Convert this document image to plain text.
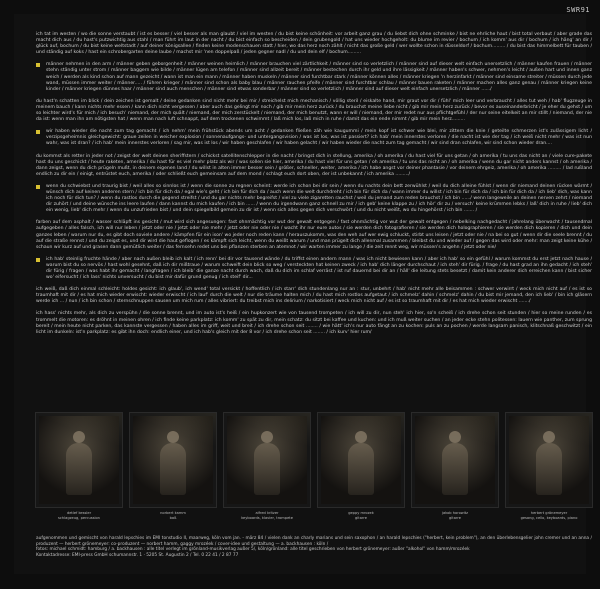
SWR91

ich tat im westen / wo die sonne verstaubt / ist es besser / viel besser als man glaubt / viel im westen / du bist keine schönheit: vor arbeit ganz grau / du liebst dich ohne schminke / bist ne ehrliche haut / bist total verbaut / aber grade das macht dich aus / du hast's putzwichtig aus stahl / man führt im laut in der nacht / du bist einfach so bescheiden / dein grubengold / hat uns wieder hochgeholt: du blume im revier / bochum / ich komm' aus dir / bochum / ich häng' an dir / glück auf, bochum / du bist keine weltstadt / auf deiner königsallee / finden keine modenschauen statt / hier, wo das herz noch zählt / nicht das große geld / wer wollte schon in düsseldorf / bochum......... / du bist das himmelbett für tauben / und ständig auf koks / hast ein schrobergarten deine laube / machst mir 'nen doppelpaß / jeden gegner nadl / du und dein elf / bochum.........

männer nehmen in den arm / männer geben geborgenheit / männer weinen heimlich / männer brauchen viel zärtlichkeit / männer sind so verletzlich / männer sind auf dieser welt einfach unersetzlich / männer kaufen frauen / männer stehn ständig unter strom / männer baggern wie bilde / männer lügen am telefon / männer sind allzeit bereit / männer bestechen durch ihr geld und ihre lässigkeit / männer haben's schwer, nehmen's leicht / außen hart und innen ganz weich / werden als kind schon auf mann gezeicht / wann ist man ein mann / männer haben muskeln / männer sind furchtbar stark / männer können alles / männer kriegen 'n herzinfarkt / männer sind einsame streiter / müssen durch jede wand, müssen immer weiter / männer..... / führen krieger / männer sind schon als baby blau / männer rauchen pfeife / männer sind furchtbar schlau / männer bauen raketen / männer machen alles ganz genau / männer kriegen keine kinder / männer kriegen dünnes haar / männer sind auch menschen / männer sind etwas sonderbar / männer sind so verletzlich / männer sind auf dieser welt einfach unersetzlich / männer ....../

du hast'n schatten im blick / dein zeichen ist gemalt / deine gedanken sind nicht mehr bei mir / streichelst mich mechanisch / völlig steril / eiskalte hand, mir graut vor dir / fühl' mich leer und verbraucht / alles tut weh / hab' flugzeuge in meinem bauch / kann nichts mehr essen / kann dich nicht vergessen / aber auch das gelingt mir noch / gib mir mein herz zurück / du brauchst meine liebe nicht / gib mir mein herz zurück / bevor es auseinanderbricht / je eher du gehst / um so leichter wird's für mich / ich besuch' niemand, der mich quält / niemand, der mich zerstückelt / niemand, der mich benutzt, wann er will / niemand, der mir redet nur aus pflichtgefühl / der nur seine eitelkeit an mir stillt / niemand, der nie da ist: wenn man ihn am nötigsten hat / wenn man nach luft schnappt, auf dem trockenen schwimmt / laß mich los, laß mich in ruhe / damit das ein ende nimmt / gib mir mein herz.........

wir haben wieder die nacht zum tag gemacht / ich nehm' mein frühstück abends um acht / gedanken fließen zäh wie kaugummi / mein kopf ist schwer wie blei, mir zittern die knie / geteilte schmerzen ist's zulässigem licht / verzipsgeheimnis gleichgewicht: graue zeilen in weicher explosion / sonnenaufgangs- und untergangsvision / was ist los, was ist passiert? ich hab' mein innerstes verloren / die nacht ist wie der tag / ich weiß nicht mehr / was ist nun wahr, was ist dran? / ich hab' mein innerstes verloren / sag mir, was ist los / wir haben geschlafen / wir haben gelacht / wir haben wieder die nacht zum tag gemacht / wir sind dran schlafen, wir sind schon wieder dran....

du kommst als retter in jeder not / zeigst der welt deinen sheriffstern / schickst satellitenschlepper in die nacht / bringst dich in stellung, amerika / oh amerika / du hast viel für uns getan / oh amerika / tu uns das nicht an / viele cure-pakete hast du uns geschickt / heute raketen, amerika / du hast für es viel mehr platz als wir / was sollen sie hier, amerika / du hast viel für uns getan / oh amerika / tu uns das nicht an / oh amerika / wenn du gar nicht anders kannst / oh amerika / dann zeigst, wenn du dich prügeln mußt, in deinem eigenen land / du willst in alten immer besser sein / größer, schneller, weiter, amerika / ich habe angst vor deiner phantasie / vor deinem ehrgeiz, amerika / oh amerika ......... / lad rußland endlich zu dir ein / einigt, entrüstet euch, amerika / oder schließt euch gemeinsam auf dem mond / schlagt euch dort oben, der ist unbekannt / ich amerika ........./

wenn du schwiebst und traurig bist / weil alles so sinnlos ist / wenn die sonne zu regnen scheint: werde ich schon bei dir sein / wenn du nachts dein bett zerwühlst / weil du dich alleine fühlst / wenn dir niemand deinen rücken wärmt / wünsch dich auf keinen anderen stern / ich bin für dich da / egal wie's geht / ich bin für dich da / auch wenn die welt durchdreht / ich bin für dich da / wann immer du willst / ich bin für dich da / ich bin für dich da / ich lieb' dich, was kann ich noch für dich tun? / wenn du rastlos durch die gegend streifst / und du gar nichts mehr begreifst / viel zu viele zigaretten rauchst / weil du jemand zum reden brauchst / ich bin ....../ wenn langeweile an deinen nerven zehrt / niemand dir zuhört / und deine wünsche ins leere laufen / dann kannst du mich kaufen / ich bin ...... / wenn du irgendwann ganz schnell zu mir / ich geb' keine klappe zu / ich hör' dir zu / versuch' keine krümmen lebks / laß' dich in ruhe / lieb' dich ein wenig, lieb' dich mehr / wenn du unzufrieden bist / und dein spiegelbild gemein zu dir ist / wenn sich alles gegen dich verschwört / und du nicht weißt, wo du hingehörst / ich bin ....... /

farben auf dem asphalt / wasser schläpft ins gesicht / mut wird sich angesungen: fast ohnmächtig vor wut der gewalt entgegen / fast ohnmächtig vor wut der gewalt entgegen / nebelking nachgedacht / jahrelang überwacht / tausendmal aufgegeben / alles falsch, ich will nur leben / jetzt oder nie / jetzt oder nie mehr / jetzt oder nie oder nie / wacht ihr nur eure autos / sie werden dich fotografieren / sie werden dich holographieren / sie werden dich kopieren / dich und dein ganzes leben / warum nur du, es gibt doch soviele andere / kämpfen für ein ison' wo jeder noch reden kann / herauszukomm, was den weh auf wer ewig schluckt, stirbt uns leisen / jetzt oder nie / na bei so gut / wenn dir die seele brennt / du auf die straße rennst / und du zeigst es, und dir wird die haut geflogen / es kämpft sich leicht, wenn du weißt warum / und man prügelt dich allenmal zusammen / bleibst du und wieder auf / gegen das wird oder mehr: man zeigt keine kühe / schaun wir kurz auf und grasen dann gemütlich weiter / das fernsehn redet uns bei pflanzen sterben an atemnot / wir warten immer zu lange / die zeit rennt weg, wir müssen's angehn / jetzt oder nie/

ich hab' steinlig fruchte hände / aber nach außen bleib ich kalt / ich renn' bei dir vor tausend wände / du triffst einen andern mann / was ich nicht bewiesen kann / aber ich hab' so ein gefühl / warum kommst du erst jetzt nach hause / warum bist du so nervös / hast wohl gesehnt, daß ich dir mißtraue / warum schweift dein blick so weg / versteckten hat keinen zweck / ich hab' dich länger durchschaut / ich steh' dir fürig. / frage / du hast grad an ihn gedacht / ich steh' dir fürig / fragen / was habt ihr gemacht / langfragen / ich bleib' die ganze nacht durch wach, daß du dich im schlaf verräst / ist ruf dauernd bei dir an / häll' die leitung stets besetzt / damit kein anderer dich erreichen kann / bist sicher wo' eifersucht / ich lass' nichts unversucht / du bist mir dafür grund genug / ich steif' dir...

ich weiß, daß dich einmal schleicht: holdes gesicht: ich glaub', ich wend' total versickt / hoffentlich / ich starr' dich stundenlang nur an : stur, unbehrt / hab' nicht mehr alle beisammen : schwer verwirrt / weck mich nicht auf / es ist so traumhaft mit dir / es hat mich wieder erwischt: wieder erwischt / ich lauf' durch die welt / nur die träume halten mich / du hast mich rostlos aufgetaut / ich schmelz' dahin / schmelz' dahin / du bist mir jemand, den ich lieb' / bin ich gläsern werde ich ... / nun / ich bin schon / sternschnuppen sausen um mich rum / alles vibriert: du treibst mich ins delirium / narkotisiert / weck mich nicht auf / es ist so traumhaft mit dir / es hat mich wieder erwischt ......./

ich hass' nichts mehr, als dich zu verspühn / die sonne brennt, und im auto ist's heiß / ein hupkonzert wie von tausend trompeten / ich will zu dir, nun steh' ich hier, so'n scheiß / ich drehe schon seit stunden / hier so meine runden / es trommelt die motoren: es dröhnt in meinen ohren / ich finde keine parkplatz: ich komm' zu spät zu dir, mein schatz: du sitzt bei kaffee und kuchen: und ich muß weiter suchen / an jeder ecke stehn politessen: lauern wie panther, zum sprung bereit / mein heute nicht parken, das kannste vergessen / haben alles im griff, weit und breit / ich drehe schon seit ........ / wie hätt' ich's nur auto fängt an zu kochen: puls an zu pochen / werde langsam panisch, klitschnaß geschwitzt / ein licht im dunkeln: ist'n parkplatz: es gibt ihn doch: endlich einer, und ich hab's gleich mit der 8 vor / ich drehe schon seit ........ / ich kurv' hier rum/

detlef kessler
schlagzeug, percussion
norbert kamm
baß
alfred kritzer
keyboards, klavier, trompete
geppy mrozek
gitarre
jakob horowitz
gitarre
herbert grönemeyer
gesang, cello, keyboards, piano

aufgenommen und gemischt von harald lepschies im EMI tonstudio II, maarweg, köln vom jan. - märz 84 / vielen dank an charly marians und sein saxophon / an harald lepschies ("herbert, kein problem"), an den überlebensgelier john cremer und an anna / produzent — herbert grönemeyer: co-produzent — norbert hamm, gaggy mrozéek / cover-idee und gestaltung — a. backhausen : köln /

fotos: michael schmidt: hamburg / a. backhausen : alle titel verlegt im grönland-musikverlag außer 5/, köln/grönland: alle titel geschrieben von herbert grönemeyer: außer "alkohol" von hamm/mrozéek

Kontaktadresse: EMI-press GmbH schumannstr. 1 · 5205 St. Augustin 2 / Tel. 0 22 41 / 2 87 77
